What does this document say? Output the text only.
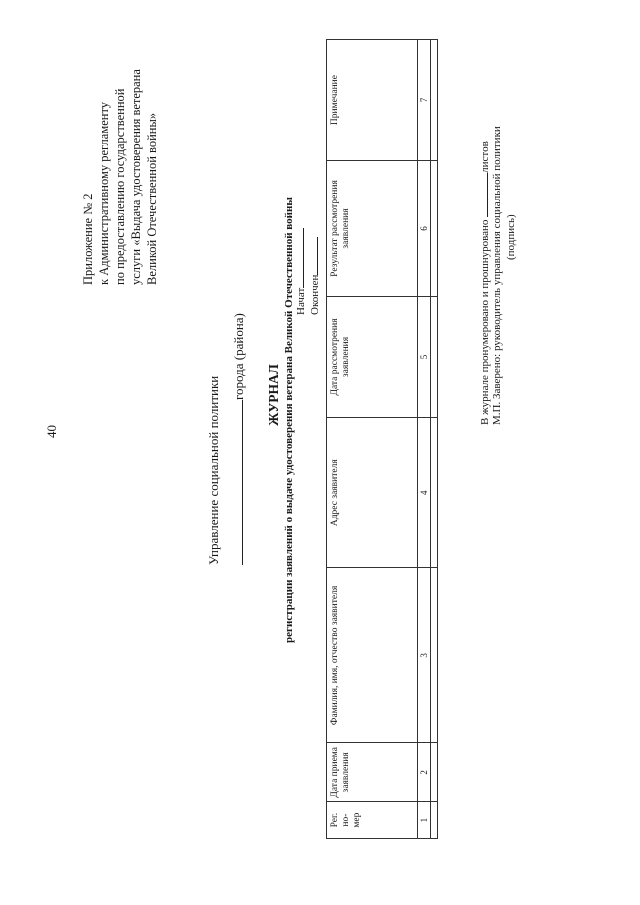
40
Приложение № 2 к Административному регламенту по предоставлению государственной услуги «Выдача удостоверения ветерана Великой Отечественной войны»
Управление социальной политики
города (района) ЖУРНАЛ регистрации заявлений о выдаче удостоверения ветерана Великой Отечественной войны Начат Окончен
Рег. но- мер	Дата приема заявления	Фамилия, имя, отчество заявителя	Адрес заявителя	Дата рассмотрения заявления	Результат рассмотрения заявления	Примечание
1	2	3	4	5	6	7

В журнале пронумеровано и прошнуровано листов М.П. Заверено: руководитель управления социальной политики (подпись)
